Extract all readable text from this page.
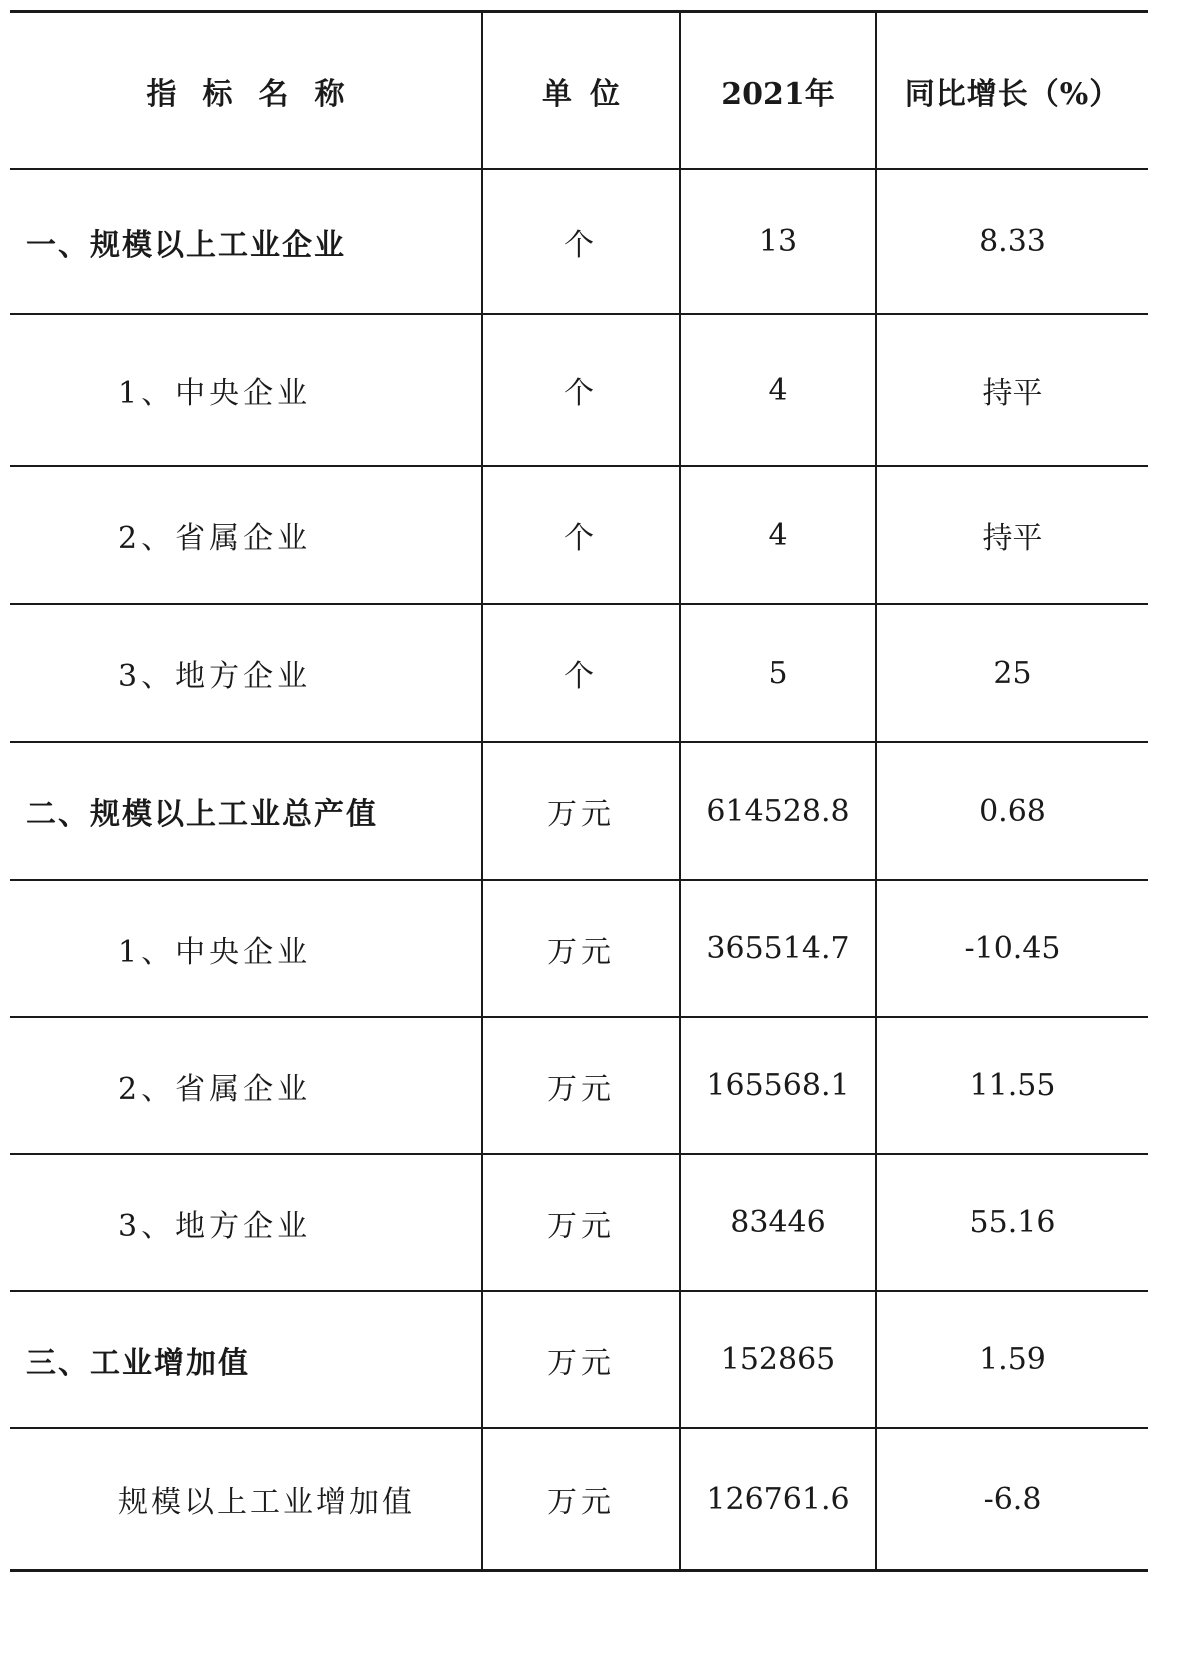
指标名称	单位	2021年	同比增长（%）
一、规模以上工业企业	个	13	8.33
1、中央企业	个	4	持平
2、省属企业	个	4	持平
3、地方企业	个	5	25
二、规模以上工业总产值	万元	614528.8	0.68
1、中央企业	万元	365514.7	-10.45
2、省属企业	万元	165568.1	11.55
3、地方企业	万元	83446	55.16
三、工业增加值	万元	152865	1.59
规模以上工业增加值	万元	126761.6	-6.8
